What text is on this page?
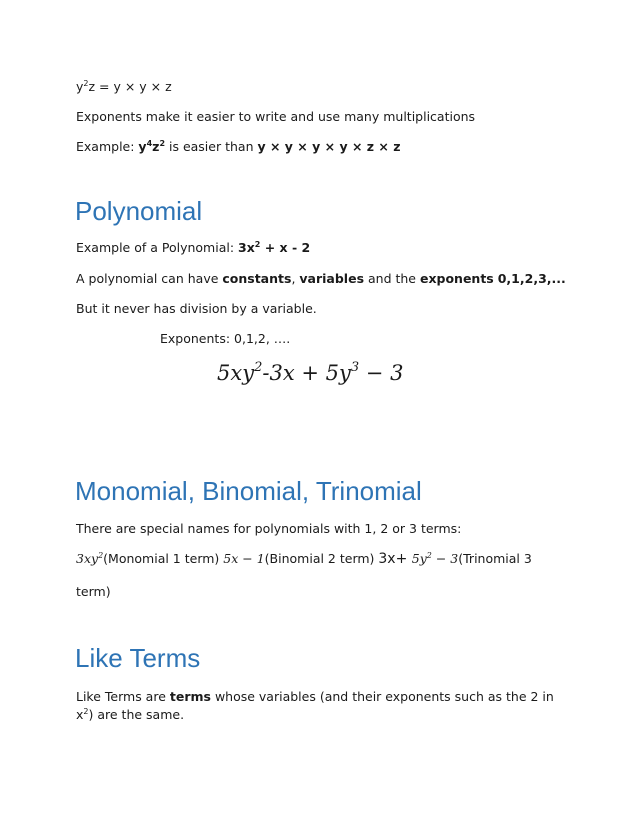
$y^2z = y \times y \times z$
Exponents make it easier to write and use many multiplications
Example: $y^4z^2$ is easier than y × y × y × y × z × z
Polynomial
Example of a Polynomial: $3x^2 + x - 2$
A polynomial can have constants, variables and the exponents 0,1,2,3,...
But it never has division by a variable.
Exponents: 0,1,2, ….
$5xy^2-3x + 5y^3 - 3$
Monomial, Binomial, Trinomial
There are special names for polynomials with 1, 2 or 3 terms:
$3xy^2(Monomial$ 1 term) 5x − 1(Binomial 2 term) $3x+ 5y^2$ − 3(Trinomial 3
term)
Like Terms
Like Terms are terms whose variables (and their exponents such as the 2 in $x^2$) are the same.
